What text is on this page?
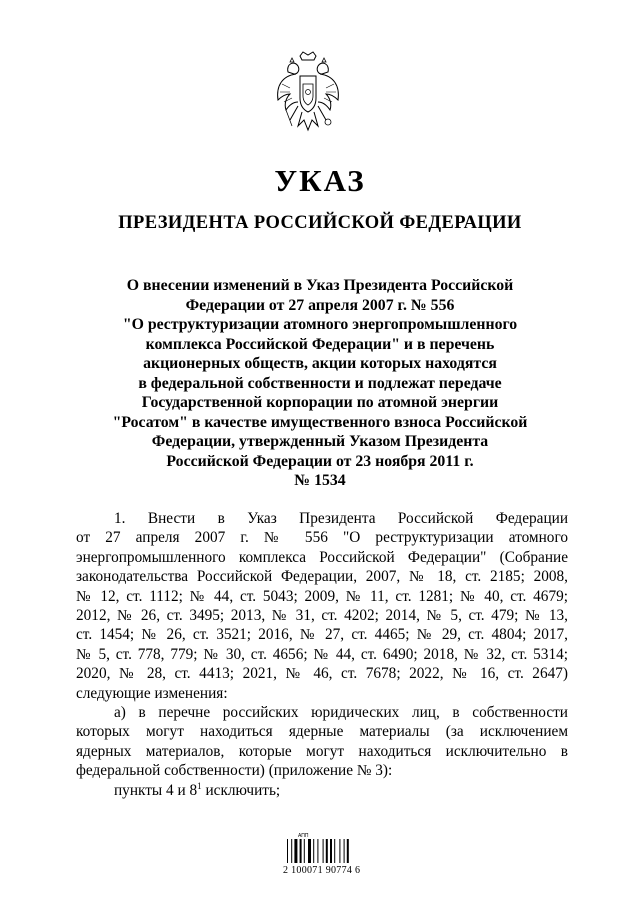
УКАЗ
ПРЕЗИДЕНТА РОССИЙСКОЙ ФЕДЕРАЦИИ
О внесении изменений в Указ Президента Российской
Федерации от 27 апреля 2007 г. № 556
"О реструктуризации атомного энергопромышленного
комплекса Российской Федерации" и в перечень
акционерных обществ, акции которых находятся
в федеральной собственности и подлежат передаче
Государственной корпорации по атомной энергии
"Росатом" в качестве имущественного взноса Российской
Федерации, утвержденный Указом Президента
Российской Федерации от 23 ноября 2011 г.
№ 1534

1. Внести в Указ Президента Российской Федерации

от 27 апреля 2007 г. № 556 "О реструктуризации атомного

энергопромышленного комплекса Российской Федерации" (Собрание

законодательства Российской Федерации, 2007, № 18, ст. 2185; 2008,

№ 12, ст. 1112; № 44, ст. 5043; 2009, № 11, ст. 1281; № 40, ст. 4679;

2012, № 26, ст. 3495; 2013, № 31, ст. 4202; 2014, № 5, ст. 479; № 13,

ст. 1454; № 26, ст. 3521; 2016, № 27, ст. 4465; № 29, ст. 4804; 2017,

№ 5, ст. 778, 779; № 30, ст. 4656; № 44, ст. 6490; 2018, № 32, ст. 5314;

2020, № 28, ст. 4413; 2021, № 46, ст. 7678; 2022, № 16, ст. 2647)

следующие изменения:

а) в перечне российских юридических лиц, в собственности

которых могут находиться ядерные материалы (за исключением

ядерных материалов, которые могут находиться исключительно в

федеральной собственности) (приложение № 3):

пункты 4 и $8^1$ исключить;

АПП
2 100071 90774 6
